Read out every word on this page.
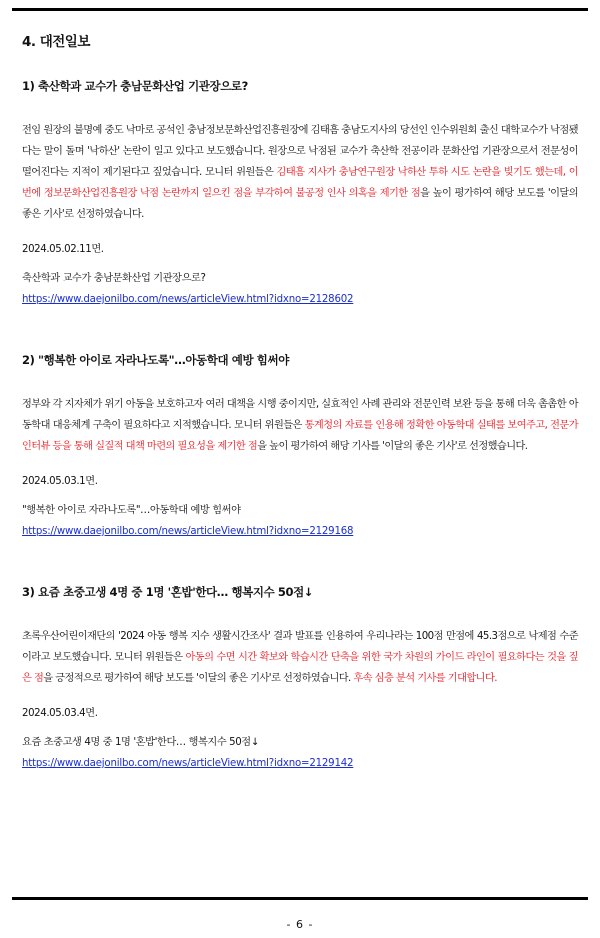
4. 대전일보
1) 축산학과 교수가 충남문화산업 기관장으로?

전임 원장의 불명예 중도 낙마로 공석인 충남정보문화산업진흥원장에 김태흠 충남도지사의 당선인 인수위원회 출신 대학교수가 낙점됐다는 말이 돌며 '낙하산' 논란이 일고 있다고 보도했습니다. 원장으로 낙점된 교수가 축산학 전공이라 문화산업 기관장으로서 전문성이 떨어진다는 지적이 제기된다고 짚었습니다. 모니터 위원들은 김태흠 지사가 충남연구원장 낙하산 투하 시도 논란을 빚기도 했는데, 이번에 정보문화산업진흥원장 낙점 논란까지 일으킨 점을 부각하여 불공정 인사 의혹을 제기한 점을 높이 평가하여 해당 보도를 '이달의 좋은 기사'로 선정하였습니다.

2024.05.02.11면.

축산학과 교수가 충남문화산업 기관장으로?

https://www.daejonilbo.com/news/articleView.html?idxno=2128602

2) "행복한 아이로 자라나도록"…아동학대 예방 힘써야

정부와 각 지자체가 위기 아동을 보호하고자 여러 대책을 시행 중이지만, 실효적인 사례 관리와 전문인력 보완 등을 통해 더욱 촘촘한 아동학대 대응체계 구축이 필요하다고 지적했습니다. 모니터 위원들은 통계청의 자료를 인용해 정확한 아동학대 실태를 보여주고, 전문가 인터뷰 등을 통해 실질적 대책 마련의 필요성을 제기한 점을 높이 평가하여 해당 기사를 '이달의 좋은 기사'로 선정했습니다.

2024.05.03.1면.

"행복한 아이로 자라나도록"…아동학대 예방 힘써야

https://www.daejonilbo.com/news/articleView.html?idxno=2129168

3) 요즘 초중고생 4명 중 1명 '혼밥'한다… 행복지수 50점↓

초록우산어린이재단의 '2024 아동 행복 지수 생활시간조사' 결과 발표를 인용하여 우리나라는 100점 만점에 45.3점으로 낙제점 수준이라고 보도했습니다. 모니터 위원들은 아동의 수면 시간 확보와 학습시간 단축을 위한 국가 차원의 가이드 라인이 필요하다는 것을 짚은 점을 긍정적으로 평가하여 해당 보도를 '이달의 좋은 기사'로 선정하였습니다. 후속 심층 분석 기사를 기대합니다.

2024.05.03.4면.

요즘 초중고생 4명 중 1명 '혼밥'한다… 행복지수 50점↓

https://www.daejonilbo.com/news/articleView.html?idxno=2129142

- 6 -
